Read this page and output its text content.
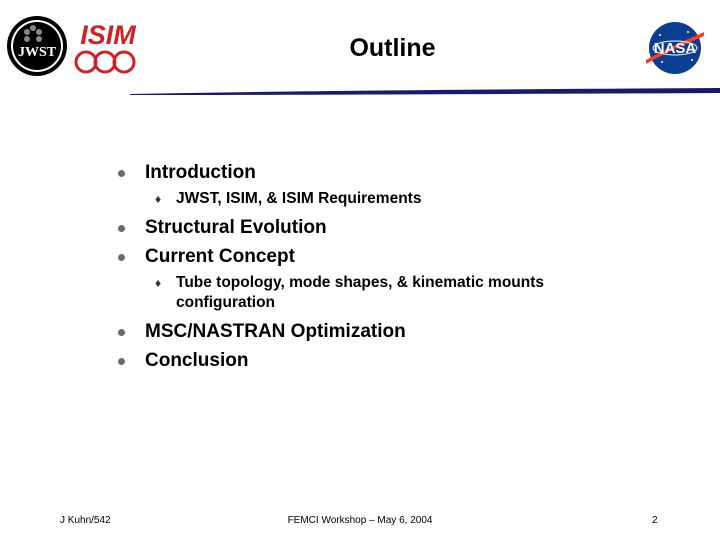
JWST
ISIM	Outline	NASA
Introduction
♦ JWST, ISIM, & ISIM Requirements
Structural Evolution
Current Concept
♦ Tube topology, mode shapes, & kinematic mounts
configuration
MSC/NASTRAN Optimization
Conclusion
J Kuhn/542	FEMCI Workshop – May 6, 2004	2
